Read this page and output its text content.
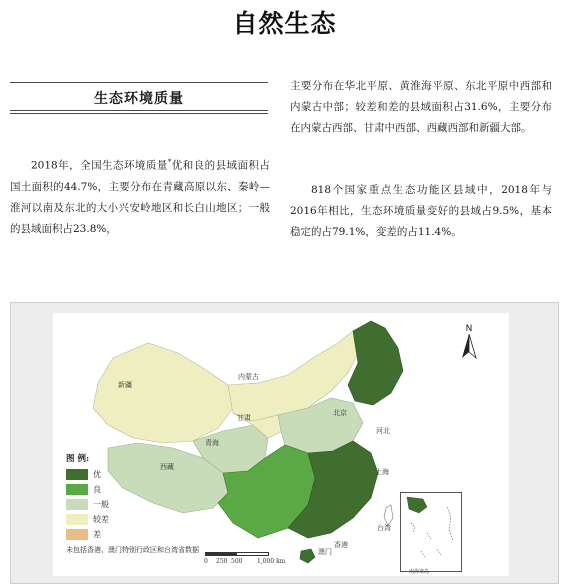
自然生态
生态环境质量

2018年，全国生态环境质量*优和良的县域面积占国土面积的44.7%，主要分布在青藏高原以东、秦岭—淮河以南及东北的大小兴安岭地区和长白山地区；一般的县域面积占23.8%，

主要分布在华北平原、黄淮海平原、东北平原中西部和内蒙古中部；较差和差的县域面积占31.6%，主要分布在内蒙古西部、甘肃中西部、西藏西部和新疆大部。

818个国家重点生态功能区县域中，2018年与2016年相比，生态环境质量变好的县域占9.5%，基本稳定的占79.1%，变差的占11.4%。

新疆
内蒙古
甘肃
青海
西藏
北京
河北
上海
台湾
香港
澳门
图 例:
优
良
一般
较差
差
未包括香港、澳门特别行政区和台湾省数据
0 250 500 1,000 km
N
南海诸岛
